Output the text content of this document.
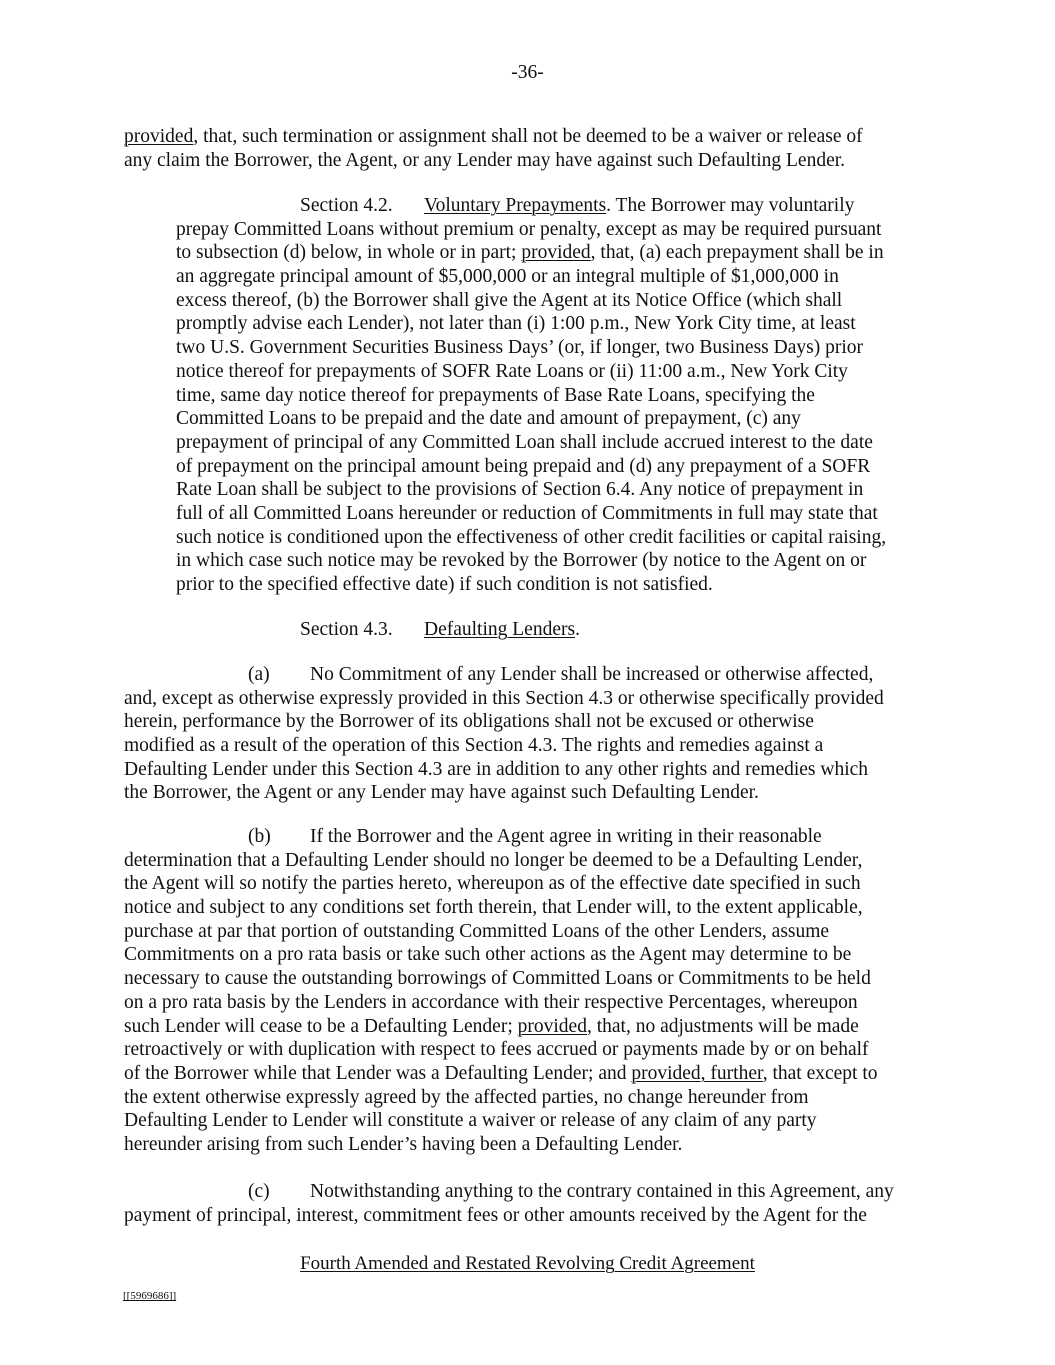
-36-
provided, that, such termination or assignment shall not be deemed to be a waiver or release of
any claim the Borrower, the Agent, or any Lender may have against such Defaulting Lender.
Section 4.2. Voluntary Prepayments. The Borrower may voluntarily
prepay Committed Loans without premium or penalty, except as may be required pursuant
to subsection (d) below, in whole or in part; provided, that, (a) each prepayment shall be in
an aggregate principal amount of $5,000,000 or an integral multiple of $1,000,000 in
excess thereof, (b) the Borrower shall give the Agent at its Notice Office (which shall
promptly advise each Lender), not later than (i) 1:00 p.m., New York City time, at least
two U.S. Government Securities Business Days’ (or, if longer, two Business Days) prior
notice thereof for prepayments of SOFR Rate Loans or (ii) 11:00 a.m., New York City
time, same day notice thereof for prepayments of Base Rate Loans, specifying the
Committed Loans to be prepaid and the date and amount of prepayment, (c) any
prepayment of principal of any Committed Loan shall include accrued interest to the date
of prepayment on the principal amount being prepaid and (d) any prepayment of a SOFR
Rate Loan shall be subject to the provisions of Section 6.4. Any notice of prepayment in
full of all Committed Loans hereunder or reduction of Commitments in full may state that
such notice is conditioned upon the effectiveness of other credit facilities or capital raising,
in which case such notice may be revoked by the Borrower (by notice to the Agent on or
prior to the specified effective date) if such condition is not satisfied.
Section 4.3. Defaulting Lenders.
(a) No Commitment of any Lender shall be increased or otherwise affected,
and, except as otherwise expressly provided in this Section 4.3 or otherwise specifically provided
herein, performance by the Borrower of its obligations shall not be excused or otherwise
modified as a result of the operation of this Section 4.3. The rights and remedies against a
Defaulting Lender under this Section 4.3 are in addition to any other rights and remedies which
the Borrower, the Agent or any Lender may have against such Defaulting Lender.
(b) If the Borrower and the Agent agree in writing in their reasonable
determination that a Defaulting Lender should no longer be deemed to be a Defaulting Lender,
the Agent will so notify the parties hereto, whereupon as of the effective date specified in such
notice and subject to any conditions set forth therein, that Lender will, to the extent applicable,
purchase at par that portion of outstanding Committed Loans of the other Lenders, assume
Commitments on a pro rata basis or take such other actions as the Agent may determine to be
necessary to cause the outstanding borrowings of Committed Loans or Commitments to be held
on a pro rata basis by the Lenders in accordance with their respective Percentages, whereupon
such Lender will cease to be a Defaulting Lender; provided, that, no adjustments will be made
retroactively or with duplication with respect to fees accrued or payments made by or on behalf
of the Borrower while that Lender was a Defaulting Lender; and provided, further, that except to
the extent otherwise expressly agreed by the affected parties, no change hereunder from
Defaulting Lender to Lender will constitute a waiver or release of any claim of any party
hereunder arising from such Lender’s having been a Defaulting Lender.
(c) Notwithstanding anything to the contrary contained in this Agreement, any
payment of principal, interest, commitment fees or other amounts received by the Agent for the
Fourth Amended and Restated Revolving Credit Agreement
[[5969686]]
